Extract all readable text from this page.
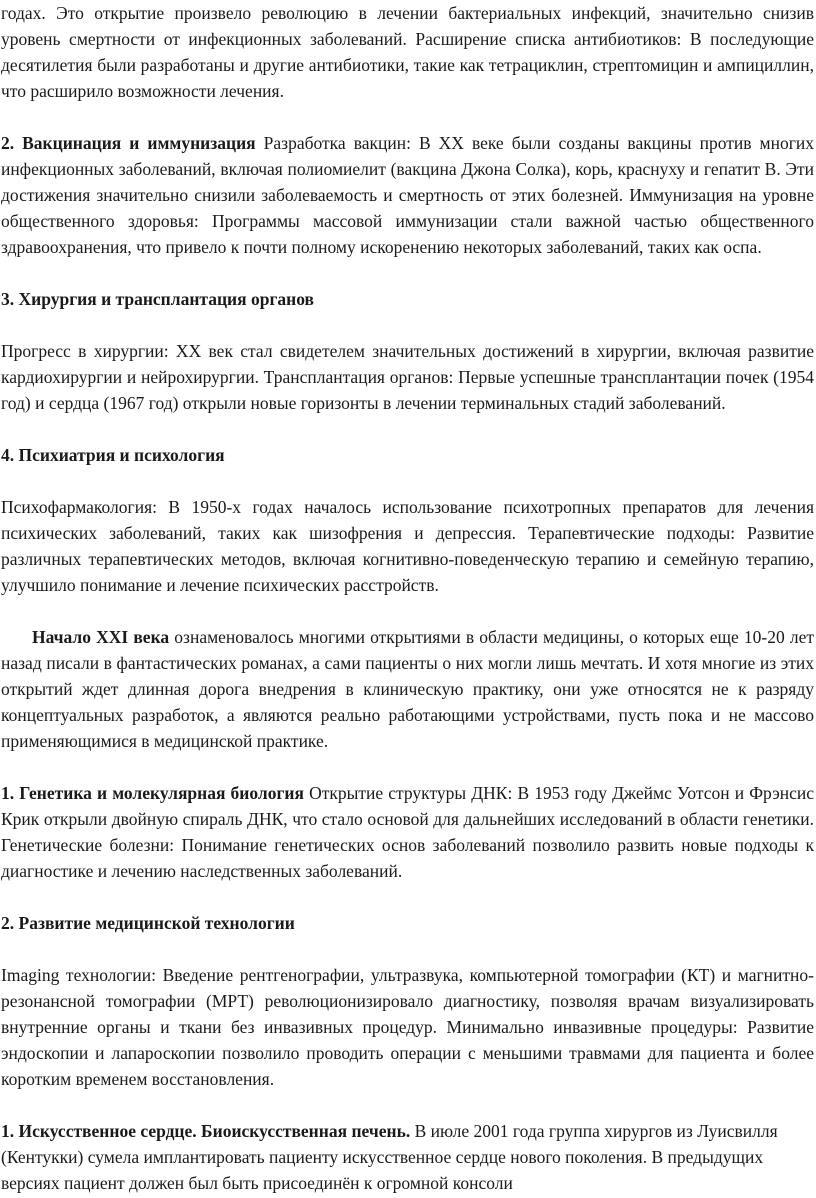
годах. Это открытие произвело революцию в лечении бактериальных инфекций, значительно снизив уровень смертности от инфекционных заболеваний. Расширение списка антибиотиков: В последующие десятилетия были разработаны и другие антибиотики, такие как тетрациклин, стрептомицин и ампициллин, что расширило возможности лечения.

2. Вакцинация и иммунизация Разработка вакцин: В XX веке были созданы вакцины против многих инфекционных заболеваний, включая полиомиелит (вакцина Джона Солка), корь, краснуху и гепатит B. Эти достижения значительно снизили заболеваемость и смертность от этих болезней. Иммунизация на уровне общественного здоровья: Программы массовой иммунизации стали важной частью общественного здравоохранения, что привело к почти полному искоренению некоторых заболеваний, таких как оспа.

3. Хирургия и трансплантация органов

Прогресс в хирургии: XX век стал свидетелем значительных достижений в хирургии, включая развитие кардиохирургии и нейрохирургии. Трансплантация органов: Первые успешные трансплантации почек (1954 год) и сердца (1967 год) открыли новые горизонты в лечении терминальных стадий заболеваний.

4. Психиатрия и психология

Психофармакология: В 1950-х годах началось использование психотропных препаратов для лечения психических заболеваний, таких как шизофрения и депрессия. Терапевтические подходы: Развитие различных терапевтических методов, включая когнитивно-поведенческую терапию и семейную терапию, улучшило понимание и лечение психических расстройств.

Начало XXI века ознаменовалось многими открытиями в области медицины, о которых еще 10-20 лет назад писали в фантастических романах, а сами пациенты о них могли лишь мечтать. И хотя многие из этих открытий ждет длинная дорога внедрения в клиническую практику, они уже относятся не к разряду концептуальных разработок, а являются реально работающими устройствами, пусть пока и не массово применяющимися в медицинской практике.

1. Генетика и молекулярная биология Открытие структуры ДНК: В 1953 году Джеймс Уотсон и Фрэнсис Крик открыли двойную спираль ДНК, что стало основой для дальнейших исследований в области генетики. Генетические болезни: Понимание генетических основ заболеваний позволило развить новые подходы к диагностике и лечению наследственных заболеваний.

2. Развитие медицинской технологии

Imaging технологии: Введение рентгенографии, ультразвука, компьютерной томографии (КТ) и магнитно-резонансной томографии (МРТ) революционизировало диагностику, позволяя врачам визуализировать внутренние органы и ткани без инвазивных процедур. Минимально инвазивные процедуры: Развитие эндоскопии и лапароскопии позволило проводить операции с меньшими травмами для пациента и более коротким временем восстановления.

1. Искусственное сердце. Биоискусственная печень. В июле 2001 года группа хирургов из Луисвилля (Кентукки) сумела имплантировать пациенту искусственное сердце нового поколения. В предыдущих версиях пациент должен был быть присоединён к огромной консоли
